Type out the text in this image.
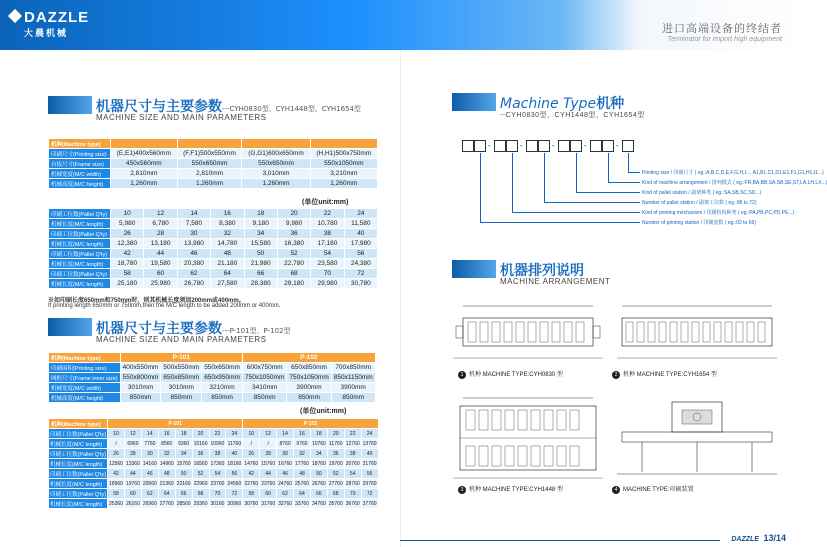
DAZZLE
大晨机械	进口高端设备的终结者
Terminator for import high equipment
机器尺寸与主要参数---CYH0830型、CYH1448型、CYH1654型
MACHINE SIZE AND MAIN PARAMETERS
机种(Machine type)				
印刷尺寸(Printing size)	(E,E1)400x560mm	(F,F1)500x550mm	(G,G1)600x650mm	(H,H1)500x750mm
台板尺寸(Frame size)	450x560mm	550x650mm	550x650mm	550x1050mm
机械宽度(M/C width)	2,810mm	2,810mm	3,010mm	3,210mm
机械高度(M/C height)	1,260mm	1,260mm	1,260mm	1,260mm
(单位unit:mm)
印刷工位数(Pallet Q'ty)	10	12	14	16	18	20	22	24
机械长度(M/C length)	5,980	6,780	7,580	8,380	9,180	9,980	10,780	11,580
印刷工位数(Pallet Q'ty)	26	28	30	32	34	36	38	40
机械长度(M/C length)	12,380	13,180	13,980	14,780	15,580	16,380	17,180	17,980
印刷工位数(Pallet Q'ty)	42	44	46	48	50	52	54	56
机械长度(M/C length)	18,780	19,580	20,380	21,180	21,980	22,780	23,580	24,380
印刷工位数(Pallet Q'ty)	58	60	62	64	66	68	70	72
机械长度(M/C length)	25,180	25,980	26,780	27,580	28,380	29,180	29,980	30,780
※如印刷长度650mm和750mm时，则其机械长度须加200mm或400mm。
If printing length 650mm or 750mm,then the M/C length to be added 200mm or 400mm.
机器尺寸与主要参数---P-101型、P-102型
MACHINE SIZE AND MAIN PARAMETERS
机种(Machine type)	P-101			P-102		
印刷面积(Printing size)	400x550mm	500x550mm	550x650mm	600x750mm	650x850mm	700x850mm
网框尺寸(Frame inner size)	550x800mm	650x850mm	650x950mm	750x1050mm	750x1050mm	850x1150mm
机械宽度(M/C width)	3010mm	3010mm	3210mm	3410mm	3900mm	3900mm
机械高度(M/C height)	850mm	850mm	850mm	850mm	850mm	850mm
(单位unit:mm)
机种(Machine type)	P-101								P-102							
印刷工位数(Pallet Q'ty)	10	12	14	16	18	20	22	24	10	12	14	16	18	20	22	24
机械长度(M/C length)	/	6960	7760	8560	9360	10160	10960	11760	/	/	8760	9760	10760	11760	12760	13760
印刷工位数(Pallet Q'ty)	26	28	30	32	34	36	38	40	26	28	30	32	34	36	38	40
机械长度(M/C length)	12560	13360	14160	14960	15760	16560	17360	18160	14760	15760	16760	17760	18760	19760	20760	21760
印刷工位数(Pallet Q'ty)	42	44	46	48	50	52	54	56	42	44	46	48	50	52	54	56
机械长度(M/C length)	18960	19760	20560	21360	22160	22960	23760	24560	22760	23760	24760	25760	26760	27760	28760	29760
印刷工位数(Pallet Q'ty)	58	60	62	64	66	68	70	72	58	60	62	64	66	68	70	72
机械长度(M/C length)	25360	26160	26960	27760	28560	29360	30160	30960	30760	31760	32760	33760	34760	35760	36760	37760
Machine Type机种
--CYH0830型、CYH1448型、CYH1654型
-	-	-	-	-
Printing size / 印刷尺寸 ( eg.:A,B,C,D,E,F,G,H,I..., A1,B1,C1,D1,E1,F1,G1,H1,I1...)
Kind of machine arrangement / 排列模式 ( eg.:FR,BA,BB,SA,SB,SE,ST,LA,LH,LX...)
Kind of pallet station / 副架种类 ( eg.:SA,SB,SC,SD...)
Number of pallet station / 副架工位数 ( eg.:08 to 72)
Kind of printing mechanism / 印刷机构种类 ( eg.:PA,PB,PC,PD,PE...)
Number of printing station / 印刷套数 ( eg.:02 to 66)
机器排列说明
MACHINE ARRANGEMENT
1 机种 MACHINE TYPE:CYH0830 型	2 机种 MACHINE TYPE:CYH1654 型
3 机种 MACHINE TYPE:CYH1448 型	4 MACHINE TYPE:印刷装置
DAZZLE 13/14
